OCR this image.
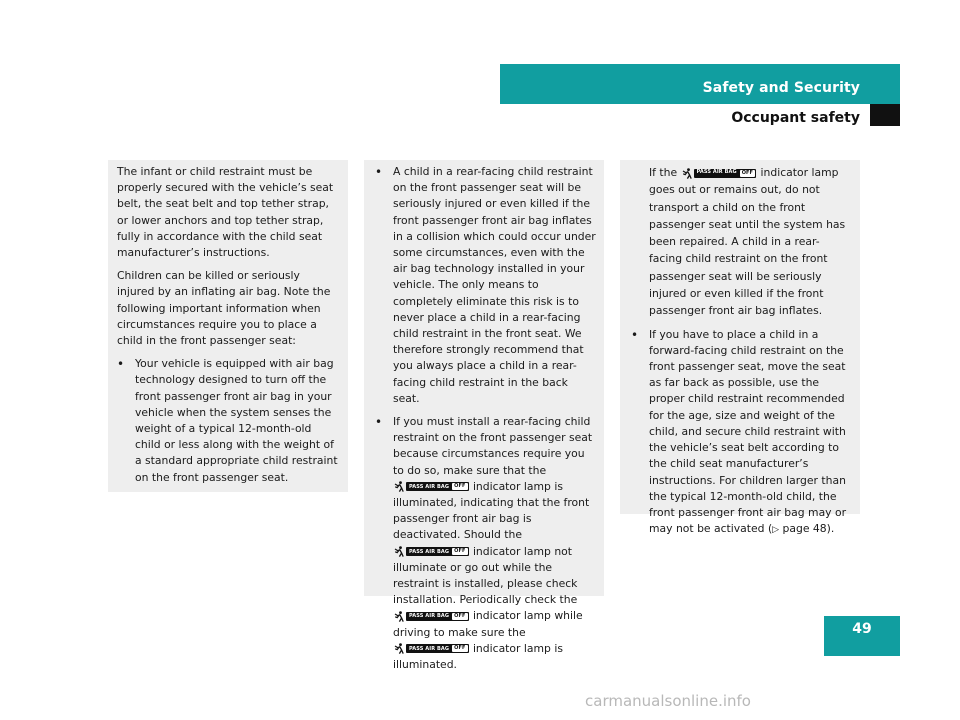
Safety and Security
Occupant safety

The infant or child restraint must be properly secured with the vehicle’s seat belt, the seat belt and top tether strap, or lower anchors and top tether strap, fully in accordance with the child seat manufacturer’s instructions.

Children can be killed or seriously injured by an inflating air bag. Note the following important information when circumstances require you to place a child in the front passenger seat:

• Your vehicle is equipped with air bag technology designed to turn off the front passenger front air bag in your vehicle when the system senses the weight of a typical 12-month-old child or less along with the weight of a standard appropriate child restraint on the front passenger seat.
• A child in a rear-facing child restraint on the front passenger seat will be seriously injured or even killed if the front passenger front air bag inflates in a collision which could occur under some circumstances, even with the air bag technology installed in your vehicle. The only means to completely eliminate this risk is to never place a child in a rear-facing child restraint in the front seat. We therefore strongly recommend that you always place a child in a rear-facing child restraint in the back seat.
• If you must install a rear-facing child restraint on the front passenger seat because circumstances require you to do so, make sure that the
PASS AIR BAG	OFF indicator lamp is illuminated, indicating that the front passenger front air bag is deactivated. Should the
PASS AIR BAG	OFF indicator lamp not illuminate or go out while the restraint is installed, please check installation. Periodically check the
PASS AIR BAG	OFF indicator lamp while driving to make sure the
PASS AIR BAG	OFF indicator lamp is illuminated.

If the	PASS AIR BAG	OFF indicator lamp goes out or remains out, do not transport a child on the front passenger seat until the system has been repaired. A child in a rear-facing child restraint on the front passenger seat will be seriously injured or even killed if the front passenger front air bag inflates.

• If you have to place a child in a forward-facing child restraint on the front passenger seat, move the seat as far back as possible, use the proper child restraint recommended for the age, size and weight of the child, and secure child restraint with the vehicle’s seat belt according to the child seat manufacturer’s instructions. For children larger than the typical 12-month-old child, the front passenger front air bag may or may not be activated (▷ page 48).
49
carmanualsonline.info
